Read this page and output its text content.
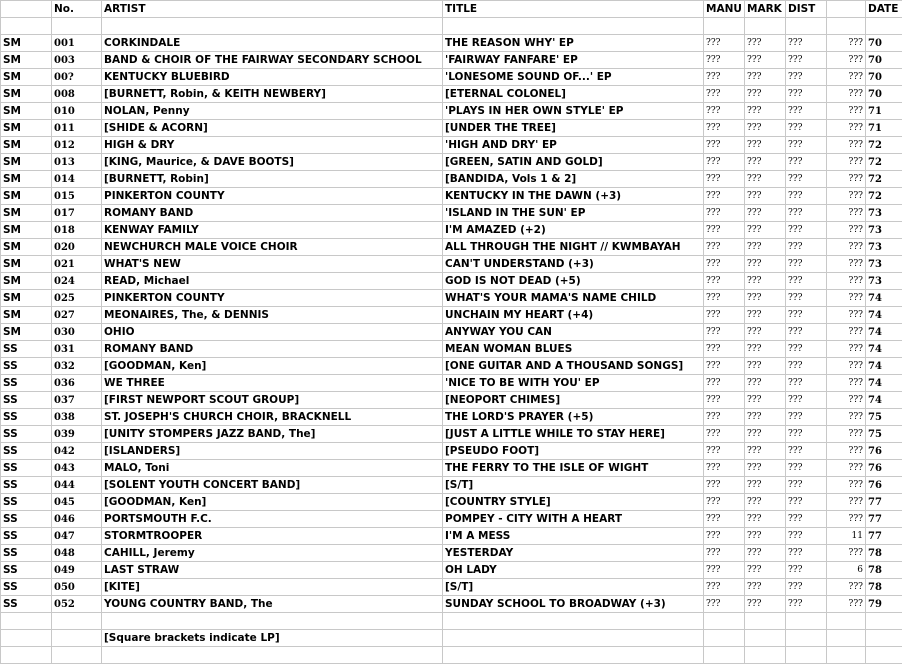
	No.	ARTIST	TITLE	MANU	MARK	DIST		DATE

SM	001	CORKINDALE	THE REASON WHY' EP	???	???	???	???	70
SM	003	BAND & CHOIR OF THE FAIRWAY SECONDARY SCHOOL	'FAIRWAY FANFARE' EP	???	???	???	???	70
SM	00?	KENTUCKY BLUEBIRD	'LONESOME SOUND OF...' EP	???	???	???	???	70
SM	008	[BURNETT, Robin, & KEITH NEWBERY]	[ETERNAL COLONEL]	???	???	???	???	70
SM	010	NOLAN, Penny	'PLAYS IN HER OWN STYLE' EP	???	???	???	???	71
SM	011	[SHIDE & ACORN]	[UNDER THE TREE]	???	???	???	???	71
SM	012	HIGH & DRY	'HIGH AND DRY' EP	???	???	???	???	72
SM	013	[KING, Maurice, & DAVE BOOTS]	[GREEN, SATIN AND GOLD]	???	???	???	???	72
SM	014	[BURNETT, Robin]	[BANDIDA, Vols 1 & 2]	???	???	???	???	72
SM	015	PINKERTON COUNTY	KENTUCKY IN THE DAWN (+3)	???	???	???	???	72
SM	017	ROMANY BAND	'ISLAND IN THE SUN' EP	???	???	???	???	73
SM	018	KENWAY FAMILY	I'M AMAZED (+2)	???	???	???	???	73
SM	020	NEWCHURCH MALE VOICE CHOIR	ALL THROUGH THE NIGHT // KWMBAYAH	???	???	???	???	73
SM	021	WHAT'S NEW	CAN'T UNDERSTAND (+3)	???	???	???	???	73
SM	024	READ, Michael	GOD IS NOT DEAD (+5)	???	???	???	???	73
SM	025	PINKERTON COUNTY	WHAT'S YOUR MAMA'S NAME CHILD	???	???	???	???	74
SM	027	MEONAIRES, The, & DENNIS	UNCHAIN MY HEART (+4)	???	???	???	???	74
SM	030	OHIO	ANYWAY YOU CAN	???	???	???	???	74
SS	031	ROMANY BAND	MEAN WOMAN BLUES	???	???	???	???	74
SS	032	[GOODMAN, Ken]	[ONE GUITAR AND A THOUSAND SONGS]	???	???	???	???	74
SS	036	WE THREE	'NICE TO BE WITH YOU' EP	???	???	???	???	74
SS	037	[FIRST NEWPORT SCOUT GROUP]	[NEOPORT CHIMES]	???	???	???	???	74
SS	038	ST. JOSEPH'S CHURCH CHOIR, BRACKNELL	THE LORD'S PRAYER (+5)	???	???	???	???	75
SS	039	[UNITY STOMPERS JAZZ BAND, The]	[JUST A LITTLE WHILE TO STAY HERE]	???	???	???	???	75
SS	042	[ISLANDERS]	[PSEUDO FOOT]	???	???	???	???	76
SS	043	MALO, Toni	THE FERRY TO THE ISLE OF WIGHT	???	???	???	???	76
SS	044	[SOLENT YOUTH CONCERT BAND]	[S/T]	???	???	???	???	76
SS	045	[GOODMAN, Ken]	[COUNTRY STYLE]	???	???	???	???	77
SS	046	PORTSMOUTH F.C.	POMPEY - CITY WITH A HEART	???	???	???	???	77
SS	047	STORMTROOPER	I'M A MESS	???	???	???	11	77
SS	048	CAHILL, Jeremy	YESTERDAY	???	???	???	???	78
SS	049	LAST STRAW	OH LADY	???	???	???	6	78
SS	050	[KITE]	[S/T]	???	???	???	???	78
SS	052	YOUNG COUNTRY BAND, The	SUNDAY SCHOOL TO BROADWAY (+3)	???	???	???	???	79

		[Square brackets indicate LP]						
